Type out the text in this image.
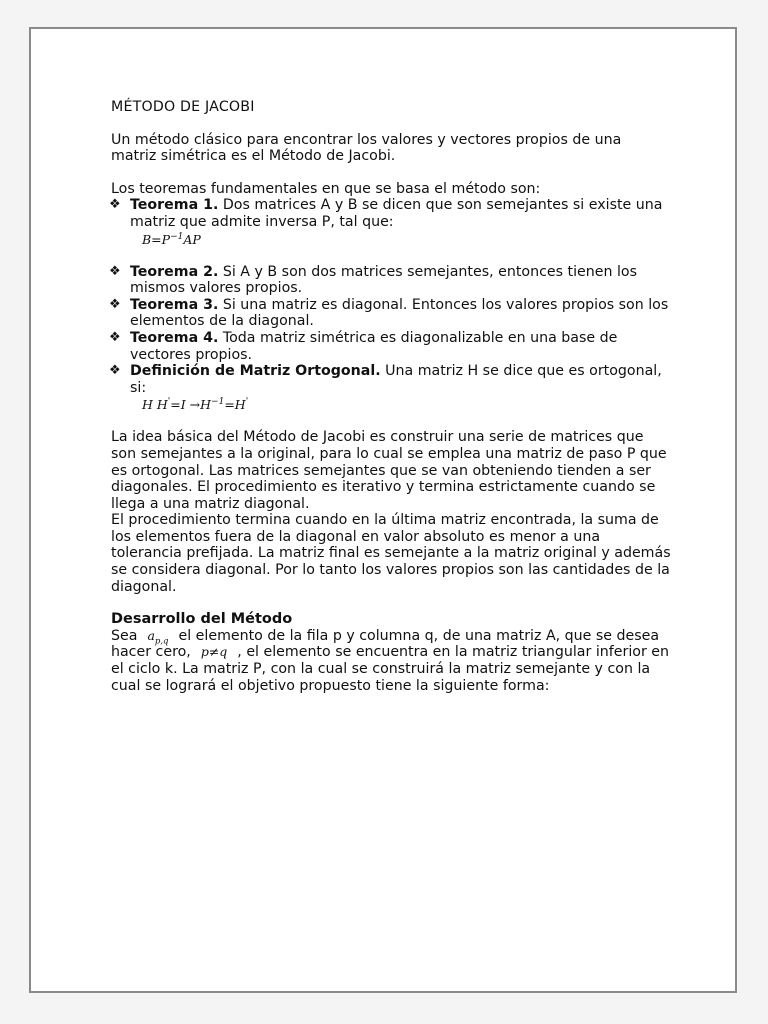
MÉTODO DE JACOBI

Un método clásico para encontrar los valores y vectores propios de una matriz simétrica es el Método de Jacobi.

Los teoremas fundamentales en que se basa el método son:

❖ Teorema 1. Dos matrices A y B se dicen que son semejantes si existe una matriz que admite inversa P, tal que:
$B=P^{-1}AP$
❖ Teorema 2. Si A y B son dos matrices semejantes, entonces tienen los mismos valores propios.
❖ Teorema 3. Si una matriz es diagonal. Entonces los valores propios son los elementos de la diagonal.
❖ Teorema 4. Toda matriz simétrica es diagonalizable en una base de vectores propios.
❖ Definición de Matriz Ortogonal. Una matriz H se dice que es ortogonal, si:
H $H'=I \to H^{-1}=H'$

La idea básica del Método de Jacobi es construir una serie de matrices que son semejantes a la original, para lo cual se emplea una matriz de paso P que es ortogonal. Las matrices semejantes que se van obteniendo tienden a ser diagonales. El procedimiento es iterativo y termina estrictamente cuando se llega a una matriz diagonal.

El procedimiento termina cuando en la última matriz encontrada, la suma de los elementos fuera de la diagonal en valor absoluto es menor a una tolerancia prefijada. La matriz final es semejante a la matriz original y además se considera diagonal. Por lo tanto los valores propios son las cantidades de la diagonal.

Desarrollo del Método

Sea $a_{p,q}$ el elemento de la fila p y columna q, de una matriz A, que se desea hacer cero, p≠q , el elemento se encuentra en la matriz triangular inferior en el ciclo k. La matriz P, con la cual se construirá la matriz semejante y con la cual se logrará el objetivo propuesto tiene la siguiente forma:
